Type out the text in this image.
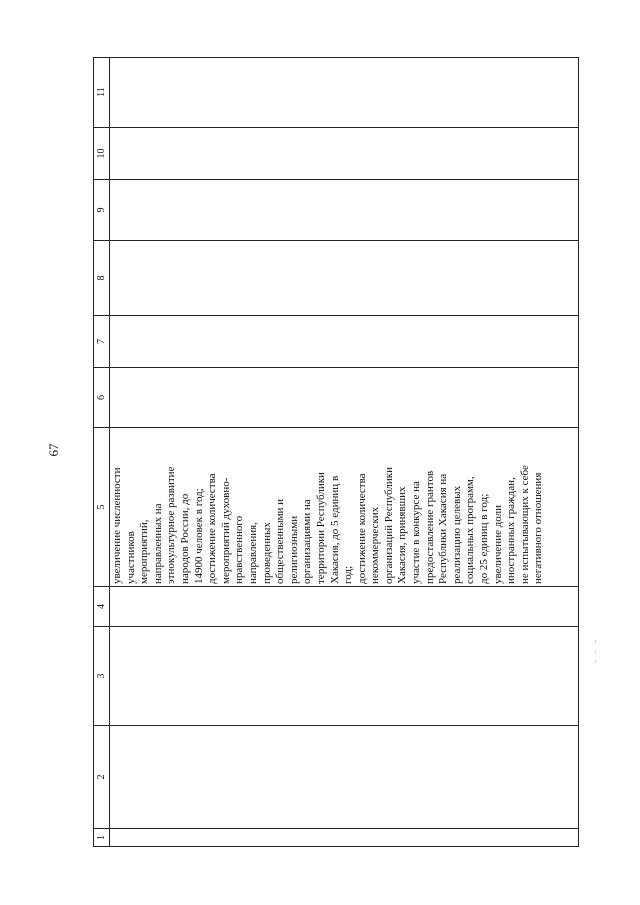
67
1
2
3
4
5
6
7
8
9
10
11
увеличение численности участников мероприятий, направленных на этнокультурное развитие народов России, до 14900 человек в год; достижение количества мероприятий духовно- нравственного направления, проведенных общественными и религиозными организациями на территории Республики Хакасия, до 5 единиц в год; достижение количества некоммерческих организаций Республики Хакасия, принявших участие в конкурсе на предоставление грантов Республики Хакасия на реализацию целевых социальных программ, до 25 единиц в год; увеличение доли иностранных граждан, не испытывающих к себе негативного отношения
